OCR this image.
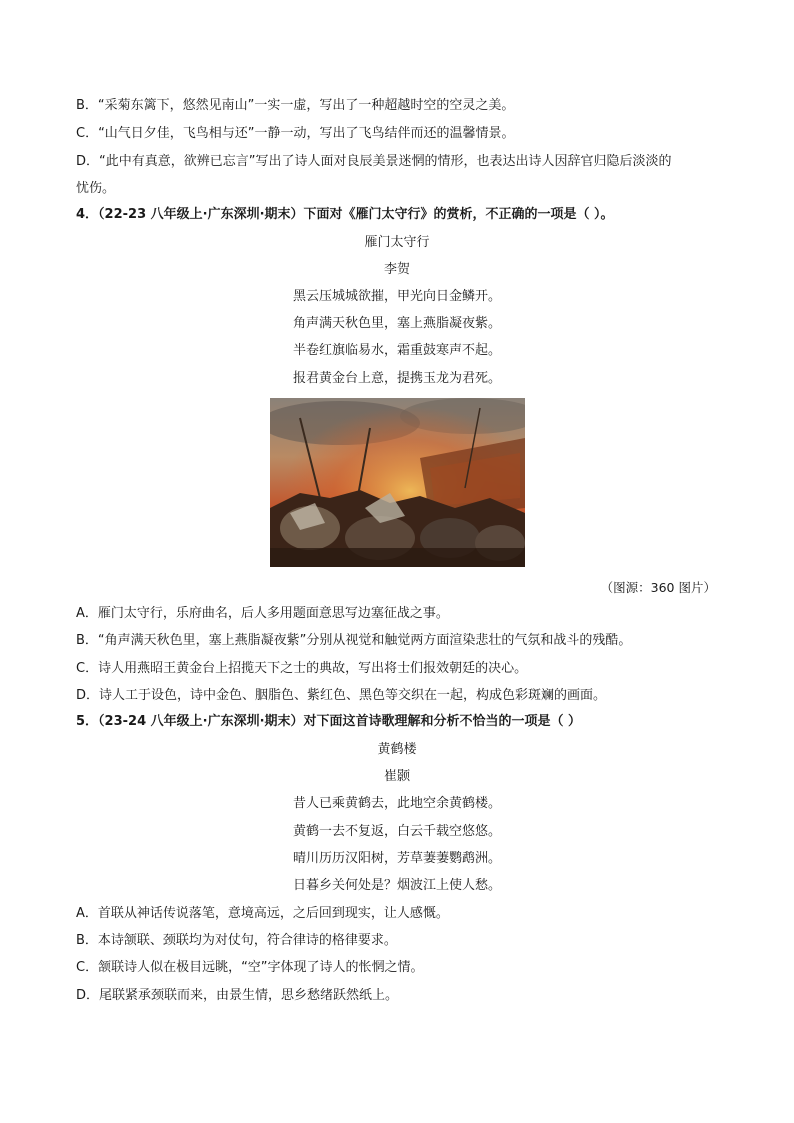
B．“采菊东篱下，悠然见南山”一实一虚，写出了一种超越时空的空灵之美。
C．“山气日夕佳，飞鸟相与还”一静一动，写出了飞鸟结伴而还的温馨情景。
D．“此中有真意，欲辨已忘言”写出了诗人面对良辰美景迷惘的情形，也表达出诗人因辞官归隐后淡淡的
忧伤。
4．（22-23 八年级上·广东深圳·期末）下面对《雁门太守行》的赏析，不正确的一项是（ ）。
雁门太守行
李贺
黑云压城城欲摧，甲光向日金鳞开。
角声满天秋色里，塞上燕脂凝夜紫。
半卷红旗临易水，霜重鼓寒声不起。
报君黄金台上意，提携玉龙为君死。
（图源：360 图片）
A．雁门太守行，乐府曲名，后人多用题面意思写边塞征战之事。
B．“角声满天秋色里，塞上燕脂凝夜紫”分别从视觉和触觉两方面渲染悲壮的气氛和战斗的残酷。
C．诗人用燕昭王黄金台上招揽天下之士的典故，写出将士们报效朝廷的决心。
D．诗人工于设色，诗中金色、胭脂色、紫红色、黑色等交织在一起，构成色彩斑斓的画面。
5．（23-24 八年级上·广东深圳·期末）对下面这首诗歌理解和分析不恰当的一项是（ ）
黄鹤楼
崔颢
昔人已乘黄鹤去，此地空余黄鹤楼。
黄鹤一去不复返，白云千载空悠悠。
晴川历历汉阳树，芳草萋萋鹦鹉洲。
日暮乡关何处是？烟波江上使人愁。
A．首联从神话传说落笔，意境高远，之后回到现实，让人感慨。
B．本诗颔联、颈联均为对仗句，符合律诗的格律要求。
C．颔联诗人似在极目远眺，“空”字体现了诗人的怅惘之情。
D．尾联紧承颈联而来，由景生情，思乡愁绪跃然纸上。
